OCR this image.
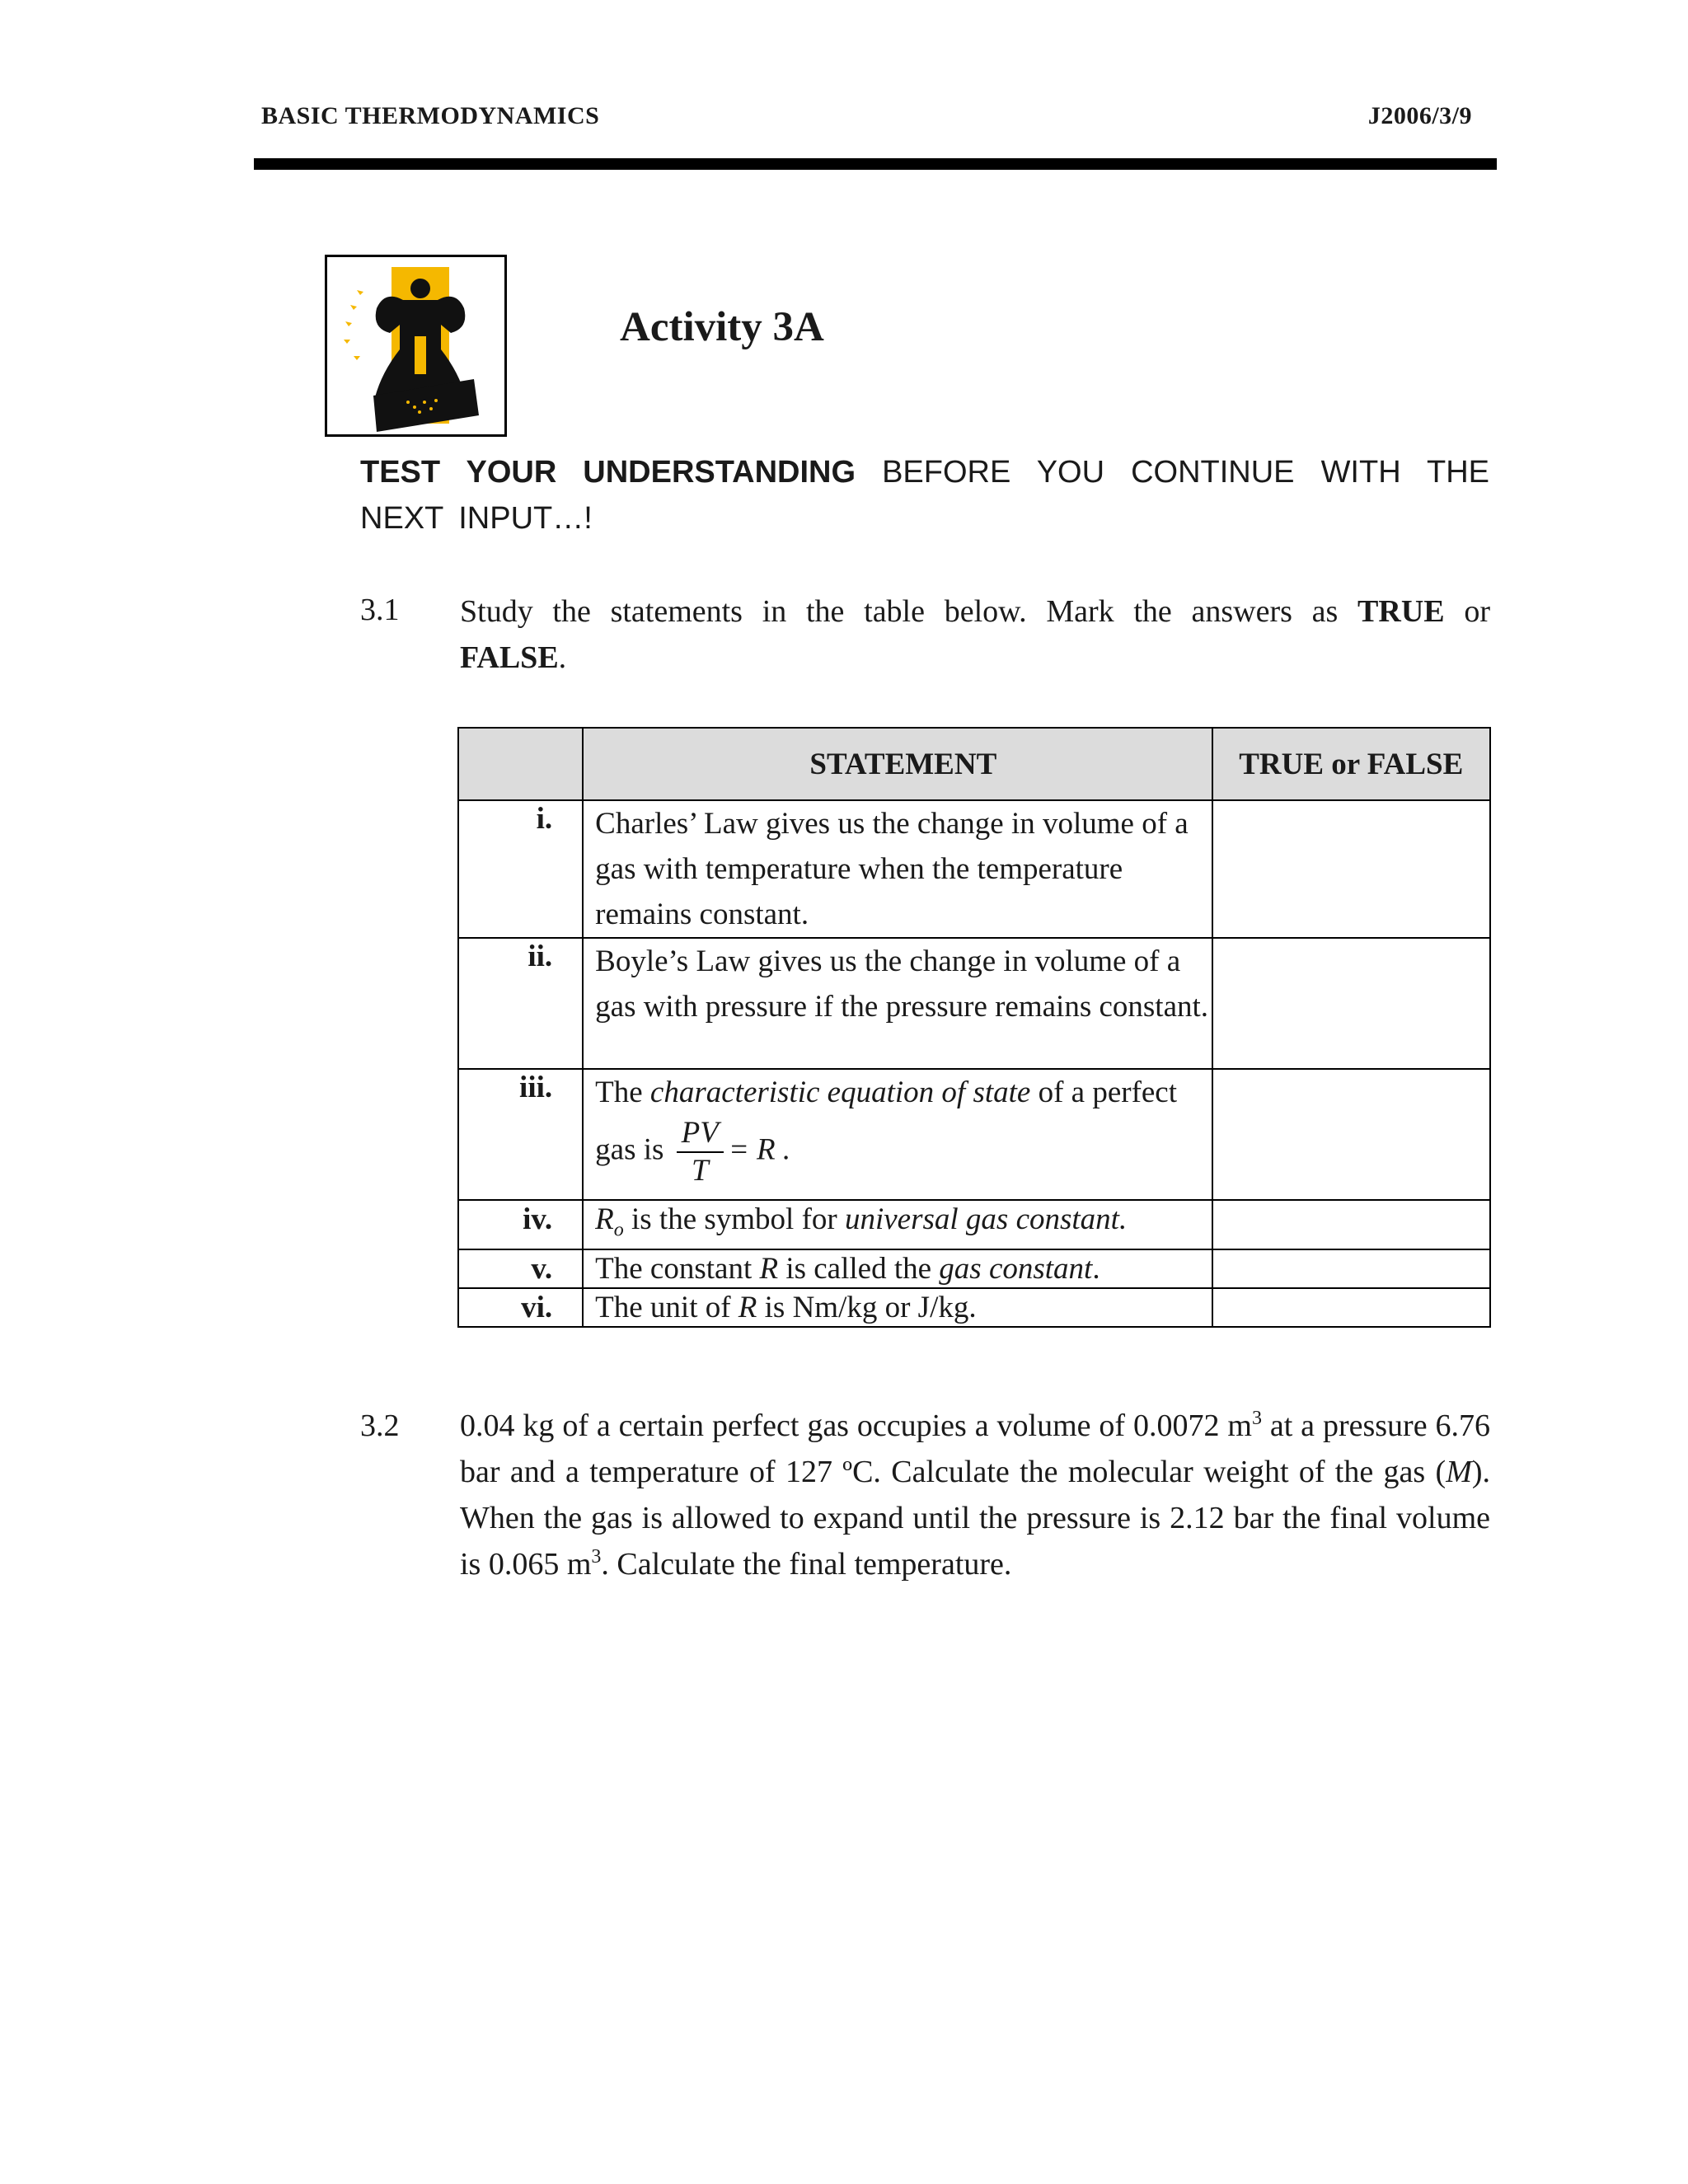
BASIC THERMODYNAMICS	J2006/3/9
Activity 3A
TEST YOUR UNDERSTANDING BEFORE YOU CONTINUE WITH THE NEXT INPUT…!
3.1 Study the statements in the table below. Mark the answers as TRUE or FALSE.
	STATEMENT	TRUE or FALSE
i.	Charles’ Law gives us the change in volume of a gas with temperature when the temperature remains constant.	
ii.	Boyle’s Law gives us the change in volume of a gas with pressure if the pressure remains constant.	
iii.	The characteristic equation of state of a perfect gas is $\frac{PV}{T} = R$ .	
iv.	$R_o$ is the symbol for universal gas constant.	
v.	The constant R is called the gas constant.	
vi.	The unit of R is Nm/kg or J/kg.	
3.2 0.04 kg of a certain perfect gas occupies a volume of 0.0072 $m^3$ at a pressure 6.76 bar and a temperature of 127 ºC. Calculate the molecular weight of the gas (M). When the gas is allowed to expand until the pressure is 2.12 bar the final volume is 0.065 $m^3$. Calculate the final temperature.
